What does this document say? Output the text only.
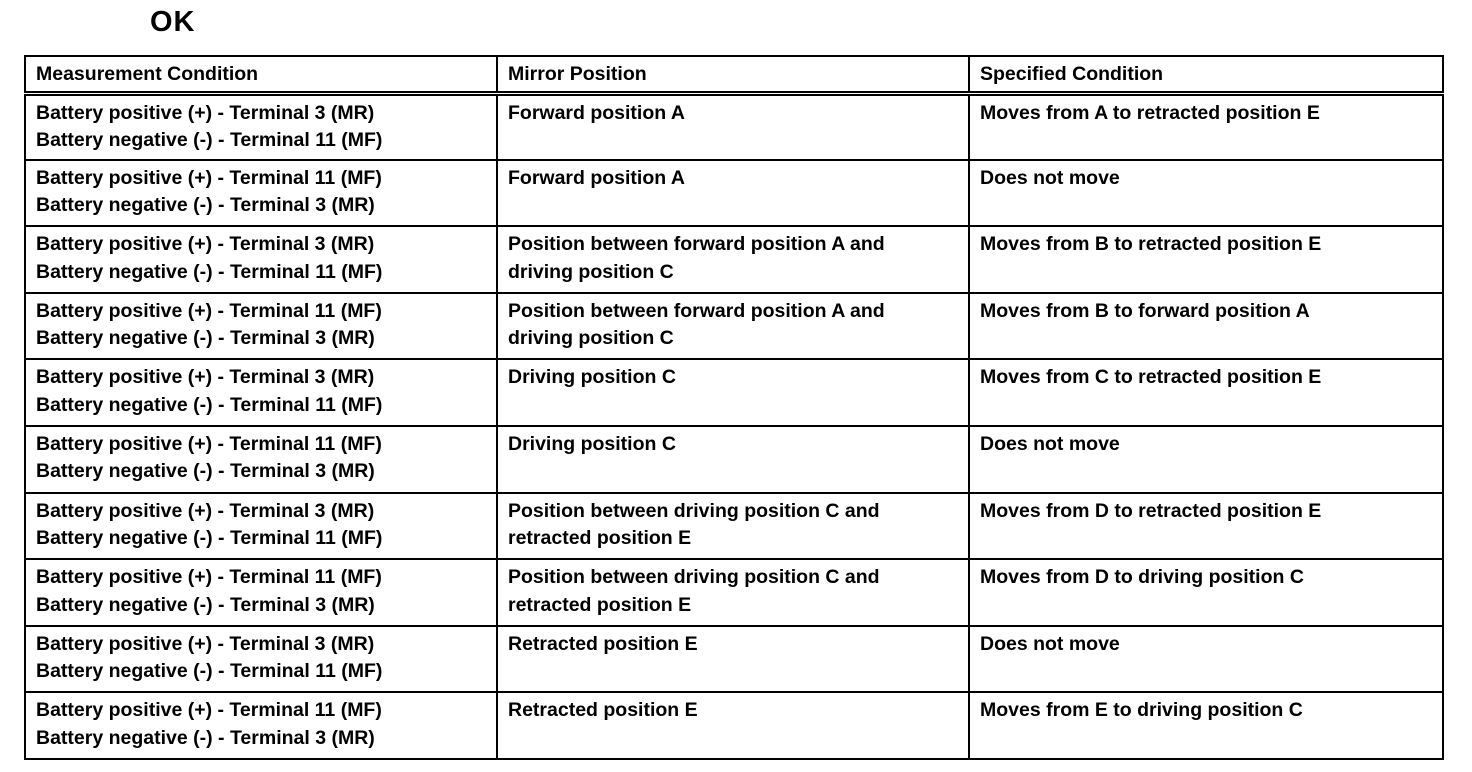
OK
Measurement Condition	Mirror Position	Specified Condition

Battery positive (+) - Terminal 3 (MR)
Battery negative (-) - Terminal 11 (MF)	Forward position A	Moves from A to retracted position E

Battery positive (+) - Terminal 11 (MF)
Battery negative (-) - Terminal 3 (MR)	Forward position A	Does not move

Battery positive (+) - Terminal 3 (MR)
Battery negative (-) - Terminal 11 (MF)	Position between forward position A and
driving position C	Moves from B to retracted position E

Battery positive (+) - Terminal 11 (MF)
Battery negative (-) - Terminal 3 (MR)	Position between forward position A and
driving position C	Moves from B to forward position A

Battery positive (+) - Terminal 3 (MR)
Battery negative (-) - Terminal 11 (MF)	Driving position C	Moves from C to retracted position E

Battery positive (+) - Terminal 11 (MF)
Battery negative (-) - Terminal 3 (MR)	Driving position C	Does not move

Battery positive (+) - Terminal 3 (MR)
Battery negative (-) - Terminal 11 (MF)	Position between driving position C and
retracted position E	Moves from D to retracted position E

Battery positive (+) - Terminal 11 (MF)
Battery negative (-) - Terminal 3 (MR)	Position between driving position C and
retracted position E	Moves from D to driving position C

Battery positive (+) - Terminal 3 (MR)
Battery negative (-) - Terminal 11 (MF)	Retracted position E	Does not move

Battery positive (+) - Terminal 11 (MF)
Battery negative (-) - Terminal 3 (MR)	Retracted position E	Moves from E to driving position C
